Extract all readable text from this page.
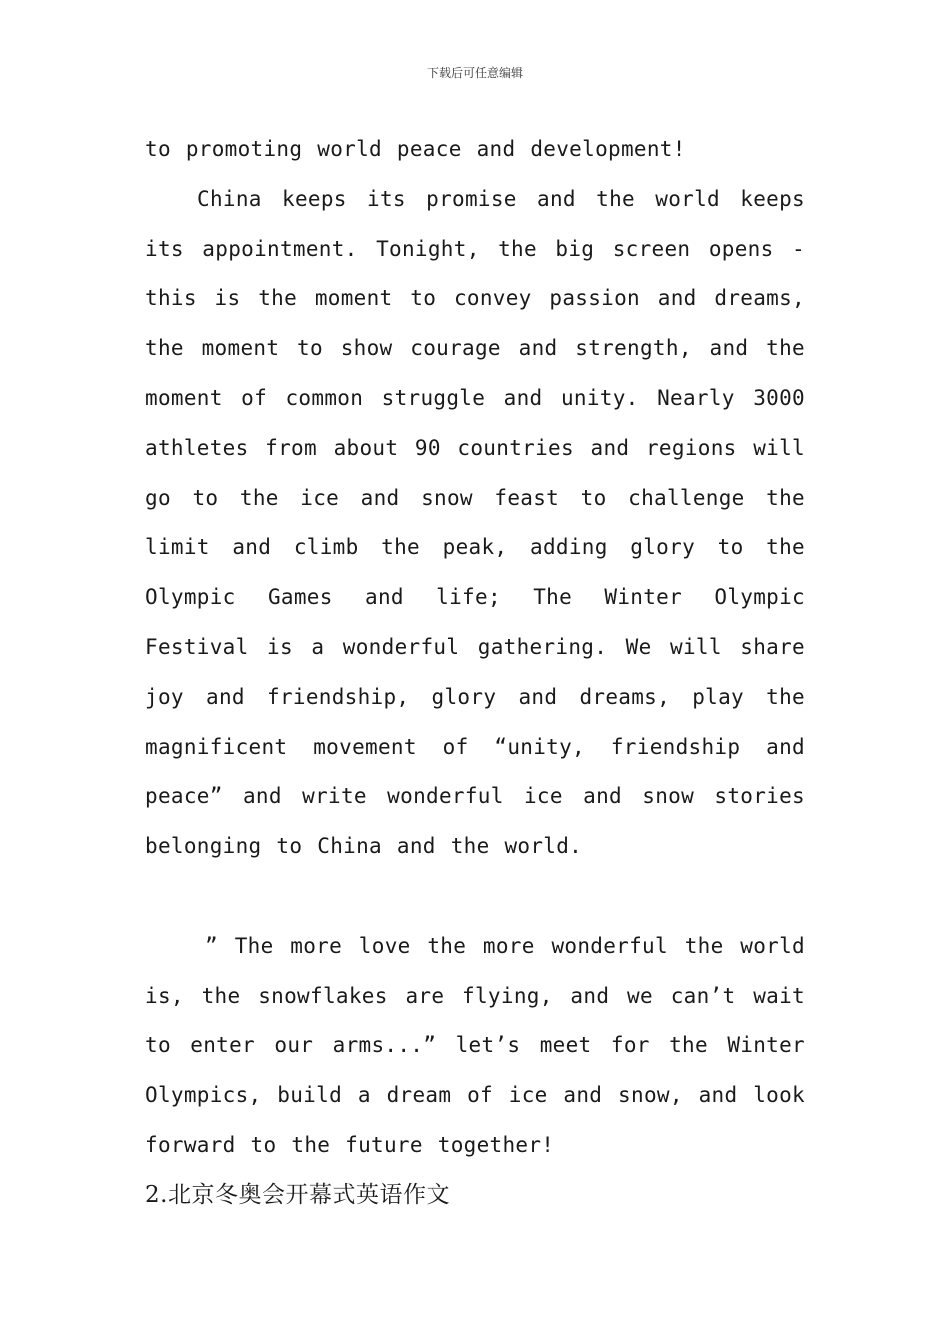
下载后可任意编辑

to promoting world peace and development!

China keeps its promise and the world keeps its appointment. Tonight, the big screen opens - this is the moment to convey passion and dreams, the moment to show courage and strength, and the moment of common struggle and unity. Nearly 3000 athletes from about 90 countries and regions will go to the ice and snow feast to challenge the limit and climb the peak, adding glory to the Olympic Games and life; The Winter Olympic Festival is a wonderful gathering. We will share joy and friendship, glory and dreams, play the magnificent movement of “unity, friendship and peace” and write wonderful ice and snow stories belonging to China and the world.

” The more love the more wonderful the world is, the snowflakes are flying, and we can’t wait to enter our arms...” let’s meet for the Winter Olympics, build a dream of ice and snow, and look forward to the future together!

2.北京冬奥会开幕式英语作文
